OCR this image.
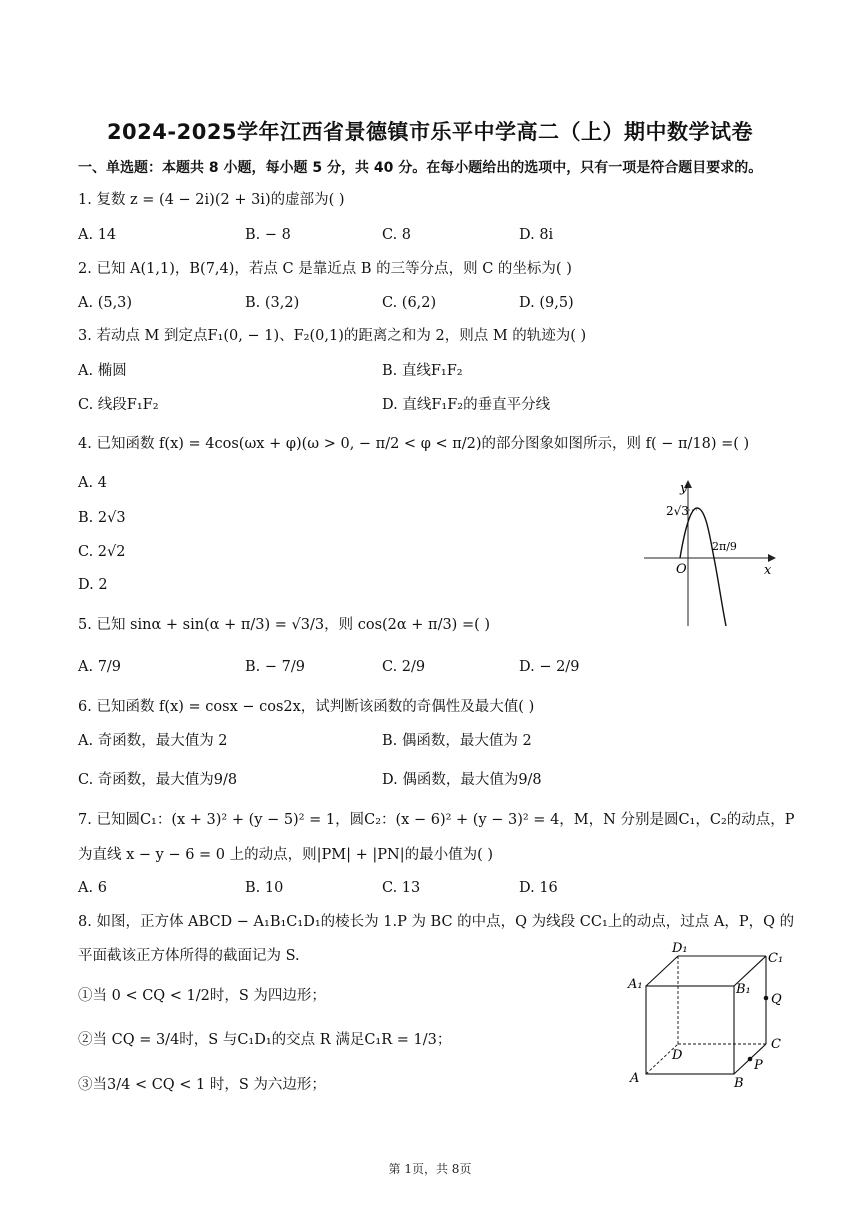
2024-2025学年江西省景德镇市乐平中学高二（上）期中数学试卷
一、单选题：本题共 8 小题，每小题 5 分，共 40 分。在每小题给出的选项中，只有一项是符合题目要求的。
1. 复数 z = (4 − 2i)(2 + 3i)的虚部为( )
A. 14	B. − 8	C. 8	D. 8i
2. 已知 A(1,1)，B(7,4)，若点 C 是靠近点 B 的三等分点，则 C 的坐标为( )
A. (5,3)	B. (3,2)	C. (6,2)	D. (9,5)
3. 若动点 M 到定点F₁(0, − 1)、F₂(0,1)的距离之和为 2，则点 M 的轨迹为( )
A. 椭圆	B. 直线F₁F₂
C. 线段F₁F₂	D. 直线F₁F₂的垂直平分线
4. 已知函数 f(x) = 4cos(ωx + φ)(ω > 0, − π/2 < φ < π/2)的部分图象如图所示，则 f( − π/18) =( )
A. 4
B. 2√3
C. 2√2
D. 2
y
x
O
2√3
2π/9
5. 已知 sinα + sin(α + π/3) = √3/3，则 cos(2α + π/3) =( )
A. 7/9	B. − 7/9	C. 2/9	D. − 2/9
6. 已知函数 f(x) = cosx − cos2x，试判断该函数的奇偶性及最大值( )
A. 奇函数，最大值为 2	B. 偶函数，最大值为 2
C. 奇函数，最大值为9/8	D. 偶函数，最大值为9/8
7. 已知圆C₁：(x + 3)² + (y − 5)² = 1，圆C₂：(x − 6)² + (y − 3)² = 4，M，N 分别是圆C₁，C₂的动点，P
为直线 x − y − 6 = 0 上的动点，则|PM| + |PN|的最小值为( )
A. 6	B. 10	C. 13	D. 16
8. 如图，正方体 ABCD − A₁B₁C₁D₁的棱长为 1.P 为 BC 的中点，Q 为线段 CC₁上的动点，过点 A，P，Q 的
平面截该正方体所得的截面记为 S.
①当 0 < CQ < 1/2时，S 为四边形；
②当 CQ = 3/4时，S 与C₁D₁的交点 R 满足C₁R = 1/3；
③当3/4 < CQ < 1 时，S 为六边形；	A	B
C
D
A₁	B₁
C₁
D₁
P
Q
第 1页，共 8页
